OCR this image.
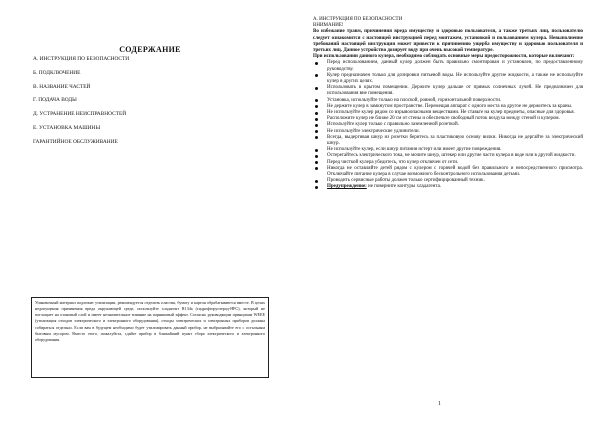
СОДЕРЖАНИЕ
А. ИНСТРУКЦИЯ ПО БЕЗОПАСНОСТИ
Б. ПОДКЛЮЧЕНИЕ
В. НАЗВАНИЕ ЧАСТЕЙ
Г. ПОДАЧА ВОДЫ
Д. УСТРАНЕНИЕ НЕИСПРАВНОСТЕЙ
Е. УСТАНОВКА МАШИНЫ
ГАРАНТИЙНОЕ ОБСЛУЖИВАНИЕ
Упаковочный материал подлежит утилизации, рекомендуется отделить пластик, бумагу и картон обрабатываются вместе. В целях недопущения причинения вреда окружающей среде, используйте хладагент R134a (гидрофторуглерод-HFC), который не поглощает на озоновый слой и имеет незначительное влияние на парниковый эффект. Согласно руководящим принципам WEEE (утилизация отходов электрического и электронного оборудования), отходы электрических и электронных приборов должны собираться отдельно. Если вам в будущем необходимо будет утилизировать данный прибор, не выбрасывайте его с остальным бытовым мусором. Вместо этого, пожалуйста, сдайте прибор в ближайший пункт сбора электрического и электронного оборудования.
А. ИНСТРУКЦИЯ ПО БЕЗОПАСНОСТИ
ВНИМАНИЕ!
Во избежание травм, причинения вреда имуществу и здоровью пользователя, а также третьих лиц, пользователю следует ознакомится с настоящей инструкцией перед монтажем, установкой и пользованием кулера. Невыполнение требований настоящей инструкции может привести к причинению ущерба имуществу и здоровью пользователя и третьих лиц. Данное устройство дозирует воду при очень высокой температуре.
При использовании данного кулера, необходимо соблюдать основные меры предосторожности, которые включают:
Перед использованием, данный кулер должен быть правильно смонтирован и установлен, по предоставленному руководству.
Кулер предназначен только для дозировки питьевой воды. Не используйте другие жидкости, а также не используйте кулер в других целях.
Использовать в крытом помещении. Держите кулер дальше от прямых солнечных лучей. Не предназначен для использования вне помещения.
Установка, используйте только на плоской, ровной, горизонтальной поверхности.
Не держите кулер в замкнутом пространстве. Перемещая аппарат с одного места на другое не держитесь за краны.
Не используйте кулер рядом со взрывоопасными веществами. Не ставьте на кулер предметы, опасные для здоровья.
Расположите кулер не ближе 20 см от стены и обеспечьте свободный поток воздуха между стеной и кулером.
Используйте кулер только с правильно заземленной розеткой.
Не используйте электрические удлинители.
Всегда, выдергивая шнур из розетки беритесь за пластиковую основу вилки. Никогда не дергайте за электрический шнур.
Не используйте кулер, если шнур питания истерт или имеет другие повреждения.
Остерегайтесь электрического тока, не мочите шнур, штекер или другие части кулера в воде или в другой жидкости.
Перед чисткой кулера убедитесь, что кулер отключен от сети.
Никогда не оставляйте детей рядом с кулером с горячей водой без правильного и непосредственного присмотра. Отключайте питание кулера в случае возможного бесконтрольного использования детьми.
Проводить сервисные работы должен только сертифицированный техник.
Предупреждение: не поверните контуры хладагента.
1
